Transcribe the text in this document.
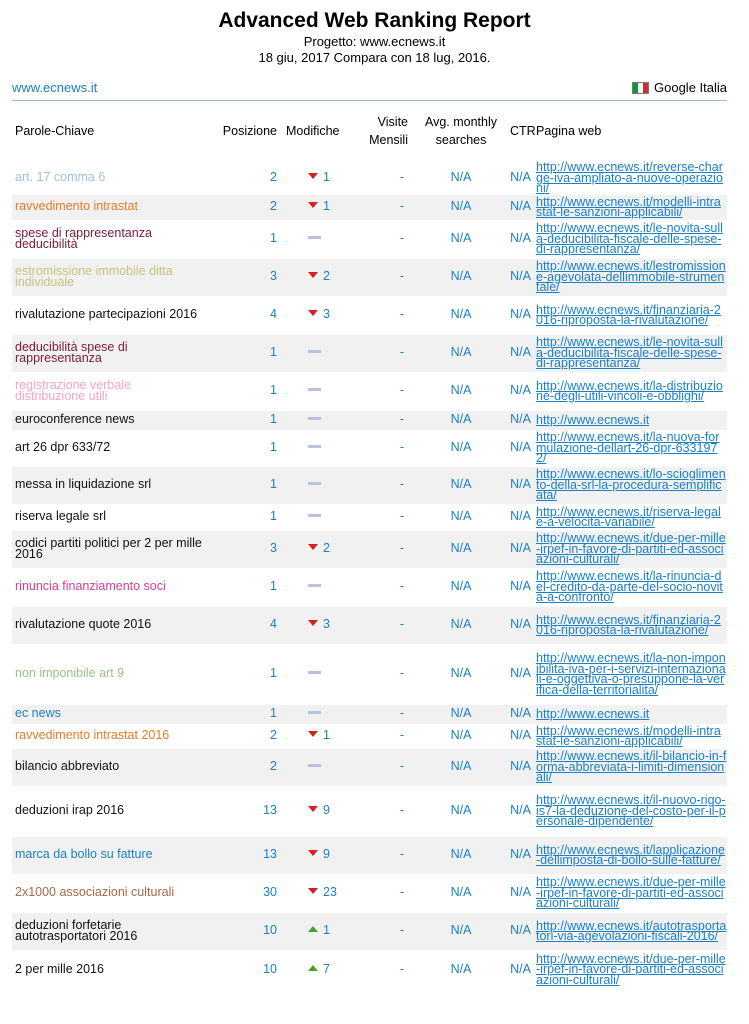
Advanced Web Ranking Report
Progetto: www.ecnews.it
18 giu, 2017 Compara con 18 lug, 2016.
www.ecnews.it	Google Italia
Parole-Chiave	Posizione	Modifiche	Visite Mensili	Avg. monthly searches	CTR	Pagina web
art. 17 comma 6	2	1	-	N/A	N/A	http://www.ecnews.it/reverse-charge-iva-ampliato-a-nuove-operazioni/
ravvedimento intrastat	2	1	-	N/A	N/A	http://www.ecnews.it/modelli-intrastat-le-sanzioni-applicabili/
spese di rappresentanza deducibilità	1		-	N/A	N/A	http://www.ecnews.it/le-novita-sulla-deducibilita-fiscale-delle-spese-di-rappresentanza/
estromissione immobile ditta individuale	3	2	-	N/A	N/A	http://www.ecnews.it/lestromissione-agevolata-dellimmobile-strumentale/
rivalutazione partecipazioni 2016	4	3	-	N/A	N/A	http://www.ecnews.it/finanziaria-2016-riproposta-la-rivalutazione/
deducibilità spese di rappresentanza	1		-	N/A	N/A	http://www.ecnews.it/le-novita-sulla-deducibilita-fiscale-delle-spese-di-rappresentanza/
registrazione verbale distribuzione utili	1		-	N/A	N/A	http://www.ecnews.it/la-distribuzione-degli-utili-vincoli-e-obblighi/
euroconference news	1		-	N/A	N/A	http://www.ecnews.it
art 26 dpr 633/72	1		-	N/A	N/A	http://www.ecnews.it/la-nuova-formulazione-dellart-26-dpr-6331972/
messa in liquidazione srl	1		-	N/A	N/A	http://www.ecnews.it/lo-scioglimento-della-srl-la-procedura-semplificata/
riserva legale srl	1		-	N/A	N/A	http://www.ecnews.it/riserva-legale-a-velocita-variabile/
codici partiti politici per 2 per mille 2016	3	2	-	N/A	N/A	http://www.ecnews.it/due-per-mille-irpef-in-favore-di-partiti-ed-associazioni-culturali/
rinuncia finanziamento soci	1		-	N/A	N/A	http://www.ecnews.it/la-rinuncia-del-credito-da-parte-del-socio-novita-a-confronto/
rivalutazione quote 2016	4	3	-	N/A	N/A	http://www.ecnews.it/finanziaria-2016-riproposta-la-rivalutazione/
non imponibile art 9	1		-	N/A	N/A	http://www.ecnews.it/la-non-imponibilita-iva-per-i-servizi-internazionali-e-oggettiva-o-presuppone-la-verifica-della-territorialita/
ec news	1		-	N/A	N/A	http://www.ecnews.it
ravvedimento intrastat 2016	2	1	-	N/A	N/A	http://www.ecnews.it/modelli-intrastat-le-sanzioni-applicabili/
bilancio abbreviato	2		-	N/A	N/A	http://www.ecnews.it/il-bilancio-in-forma-abbreviata-i-limiti-dimensionali/
deduzioni irap 2016	13	9	-	N/A	N/A	http://www.ecnews.it/il-nuovo-rigo-is7-la-deduzione-del-costo-per-il-personale-dipendente/
marca da bollo su fatture	13	9	-	N/A	N/A	http://www.ecnews.it/lapplicazione-dellimposta-di-bollo-sulle-fatture/
2x1000 associazioni culturali	30	23	-	N/A	N/A	http://www.ecnews.it/due-per-mille-irpef-in-favore-di-partiti-ed-associazioni-culturali/
deduzioni forfetarie autotrasportatori 2016	10	1	-	N/A	N/A	http://www.ecnews.it/autotrasportatori-via-agevolazioni-fiscali-2016/
2 per mille 2016	10	7	-	N/A	N/A	http://www.ecnews.it/due-per-mille-irpef-in-favore-di-partiti-ed-associazioni-culturali/
